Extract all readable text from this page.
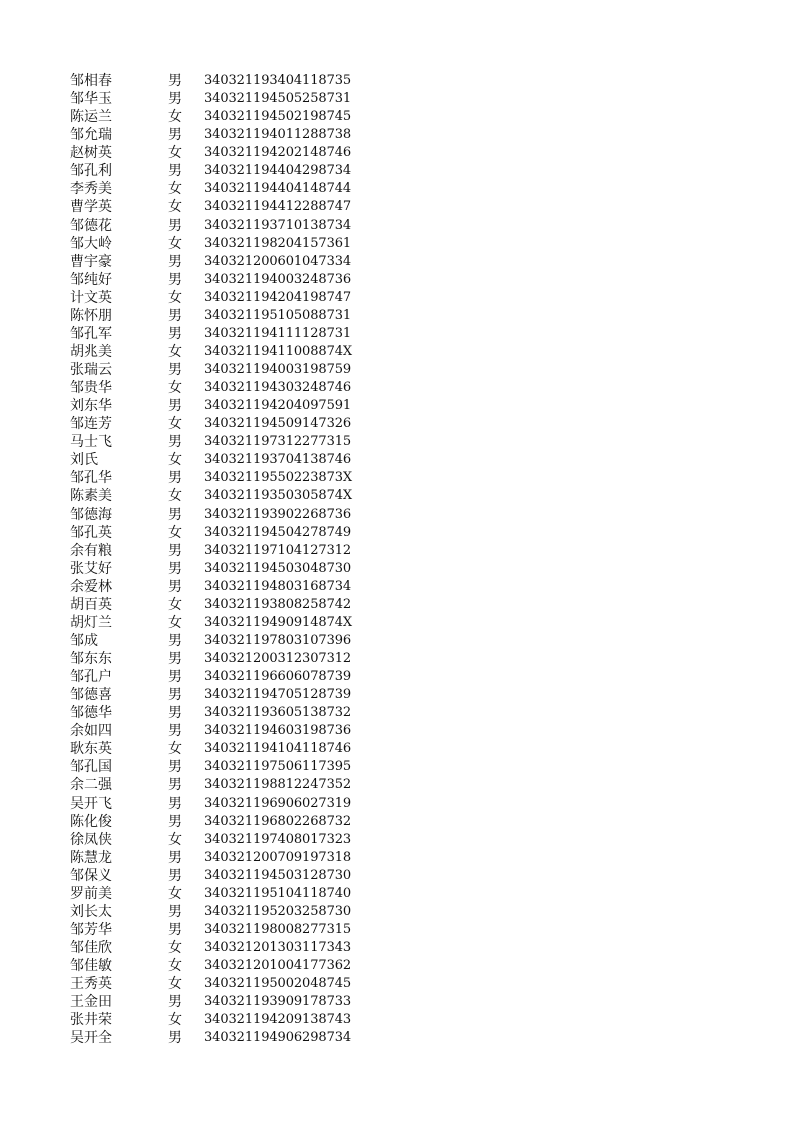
邹相春	男	340321193404118735
邹华玉	男	340321194505258731
陈运兰	女	340321194502198745
邹允瑞	男	340321194011288738
赵树英	女	340321194202148746
邹孔利	男	340321194404298734
李秀美	女	340321194404148744
曹学英	女	340321194412288747
邹德花	男	340321193710138734
邹大岭	女	340321198204157361
曹宇豪	男	340321200601047334
邹纯好	男	340321194003248736
计文英	女	340321194204198747
陈怀朋	男	340321195105088731
邹孔军	男	340321194111128731
胡兆美	女	34032119411008874X
张瑞云	男	340321194003198759
邹贵华	女	340321194303248746
刘东华	男	340321194204097591
邹连芳	女	340321194509147326
马士飞	男	340321197312277315
刘氏	女	340321193704138746
邹孔华	男	34032119550223873X
陈素美	女	34032119350305874X
邹德海	男	340321193902268736
邹孔英	女	340321194504278749
余有粮	男	340321197104127312
张艾好	男	340321194503048730
余爱林	男	340321194803168734
胡百英	女	340321193808258742
胡灯兰	女	34032119490914874X
邹成	男	340321197803107396
邹东东	男	340321200312307312
邹孔户	男	340321196606078739
邹德喜	男	340321194705128739
邹德华	男	340321193605138732
余如四	男	340321194603198736
耿东英	女	340321194104118746
邹孔国	男	340321197506117395
余二强	男	340321198812247352
吴开飞	男	340321196906027319
陈化俊	男	340321196802268732
徐凤侠	女	340321197408017323
陈慧龙	男	340321200709197318
邹保义	男	340321194503128730
罗前美	女	340321195104118740
刘长太	男	340321195203258730
邹芳华	男	340321198008277315
邹佳欣	女	340321201303117343
邹佳敏	女	340321201004177362
王秀英	女	340321195002048745
王金田	男	340321193909178733
张井荣	女	340321194209138743
吴开全	男	340321194906298734
